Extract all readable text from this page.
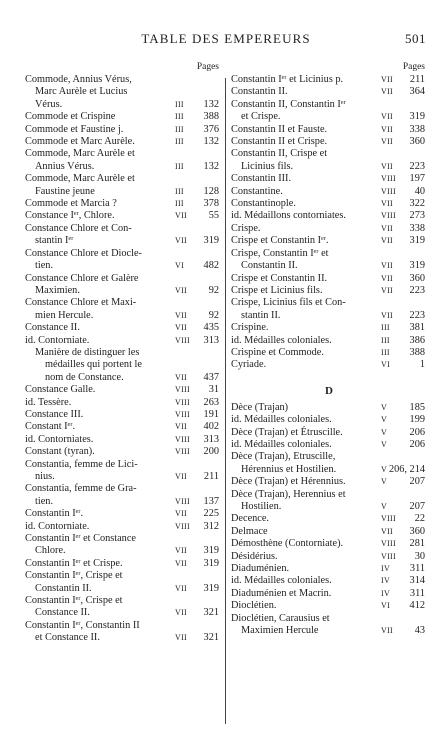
TABLE DES EMPEREURS	501
Pages
Commode, Annius Vérus,
Marc Aurèle et Lucius
Vérus.	III 132
Commode et Crispine	III 388
Commode et Faustine j.	III 376
Commode et Marc Aurèle.	III 132
Commode, Marc Aurèle et
Annius Vérus.	III 132
Commode, Marc Aurèle et
Faustine jeune	III 128
Commode et Marcia ?	III 378
Constance Iᵉʳ, Chlore.	VII 55
Constance Chlore et Con-
stantin Iᵉʳ	VII 319
Constance Chlore et Diocle-
tien.	VI 482
Constance Chlore et Galère
Maximien.	VII 92
Constance Chlore et Maxi-
mien Hercule.	VII 92
Constance II.	VII 435
id. Contorniate.	VIII 313
Manière de distinguer les
médailles qui portent le
nom de Constance.	VII 437
Constance Galle.	VIII 31
id. Tessère.	VIII 263
Constance III.	VIII 191
Constant Iᵉʳ.	VII 402
id. Contorniates.	VIII 313
Constant (tyran).	VIII 200
Constantia, femme de Lici-
nius.	VII 211
Constantia, femme de Gra-
tien.	VIII 137
Constantin Iᵉʳ.	VII 225
id. Contorniate.	VIII 312
Constantin Iᵉʳ et Constance
Chlore.	VII 319
Constantin Iᵉʳ et Crispe.	VII 319
Constantin Iᵉʳ, Crispe et
Constantin II.	VII 319
Constantin Iᵉʳ, Crispe et
Constance II.	VII 321
Constantin Iᵉʳ, Constantin II
et Constance II.	VII 321
Pages
Constantin Iᵉʳ et Licinius p.	VII 211
Constantin II.	VII 364
Constantin II, Constantin Iᵉʳ
et Crispe.	VII 319
Constantin II et Fauste.	VII 338
Constantin II et Crispe.	VII 360
Constantin II, Crispe et
Licinius fils.	VII 223
Constantin III.	VIII 197
Constantine.	VIII 40
Constantinople.	VII 322
id. Médaillons contorniates.	VIII 273
Crispe.	VII 338
Crispe et Constantin Iᵉʳ.	VII 319
Crispe, Constantin Iᵉʳ et
Constantin II.	VII 319
Crispe et Constantin II.	VII 360
Crispe et Licinius fils.	VII 223
Crispe, Licinius fils et Con-
stantin II.	VII 223
Crispine.	III 381
id. Médailles coloniales.	III 386
Crispine et Commode.	III 388
Cyriade.	VI	1
D
Dèce (Trajan)	V 185
id. Médailles coloniales.	V 199
Dèce (Trajan) et Étruscille.	V 206
id. Médailles coloniales.	V 206
Dèce (Trajan), Etruscille,
Hérennius et Hostilien.	V 206, 214
Dèce (Trajan) et Hérennius.	V 207
Dèce (Trajan), Herennius et
Hostilien.	V 207
Decence.	VIII 22
Delmace	VII 360
Démosthène (Contorniate).	VIII 281
Désidérius.	VIII 30
Diaduménien.	IV 311
id. Médailles coloniales.	IV 314
Diaduménien et Macrin.	IV 311
Dioclétien.	VI 412
Dioclétien, Carausius et
Maximien Hercule	VII 43
